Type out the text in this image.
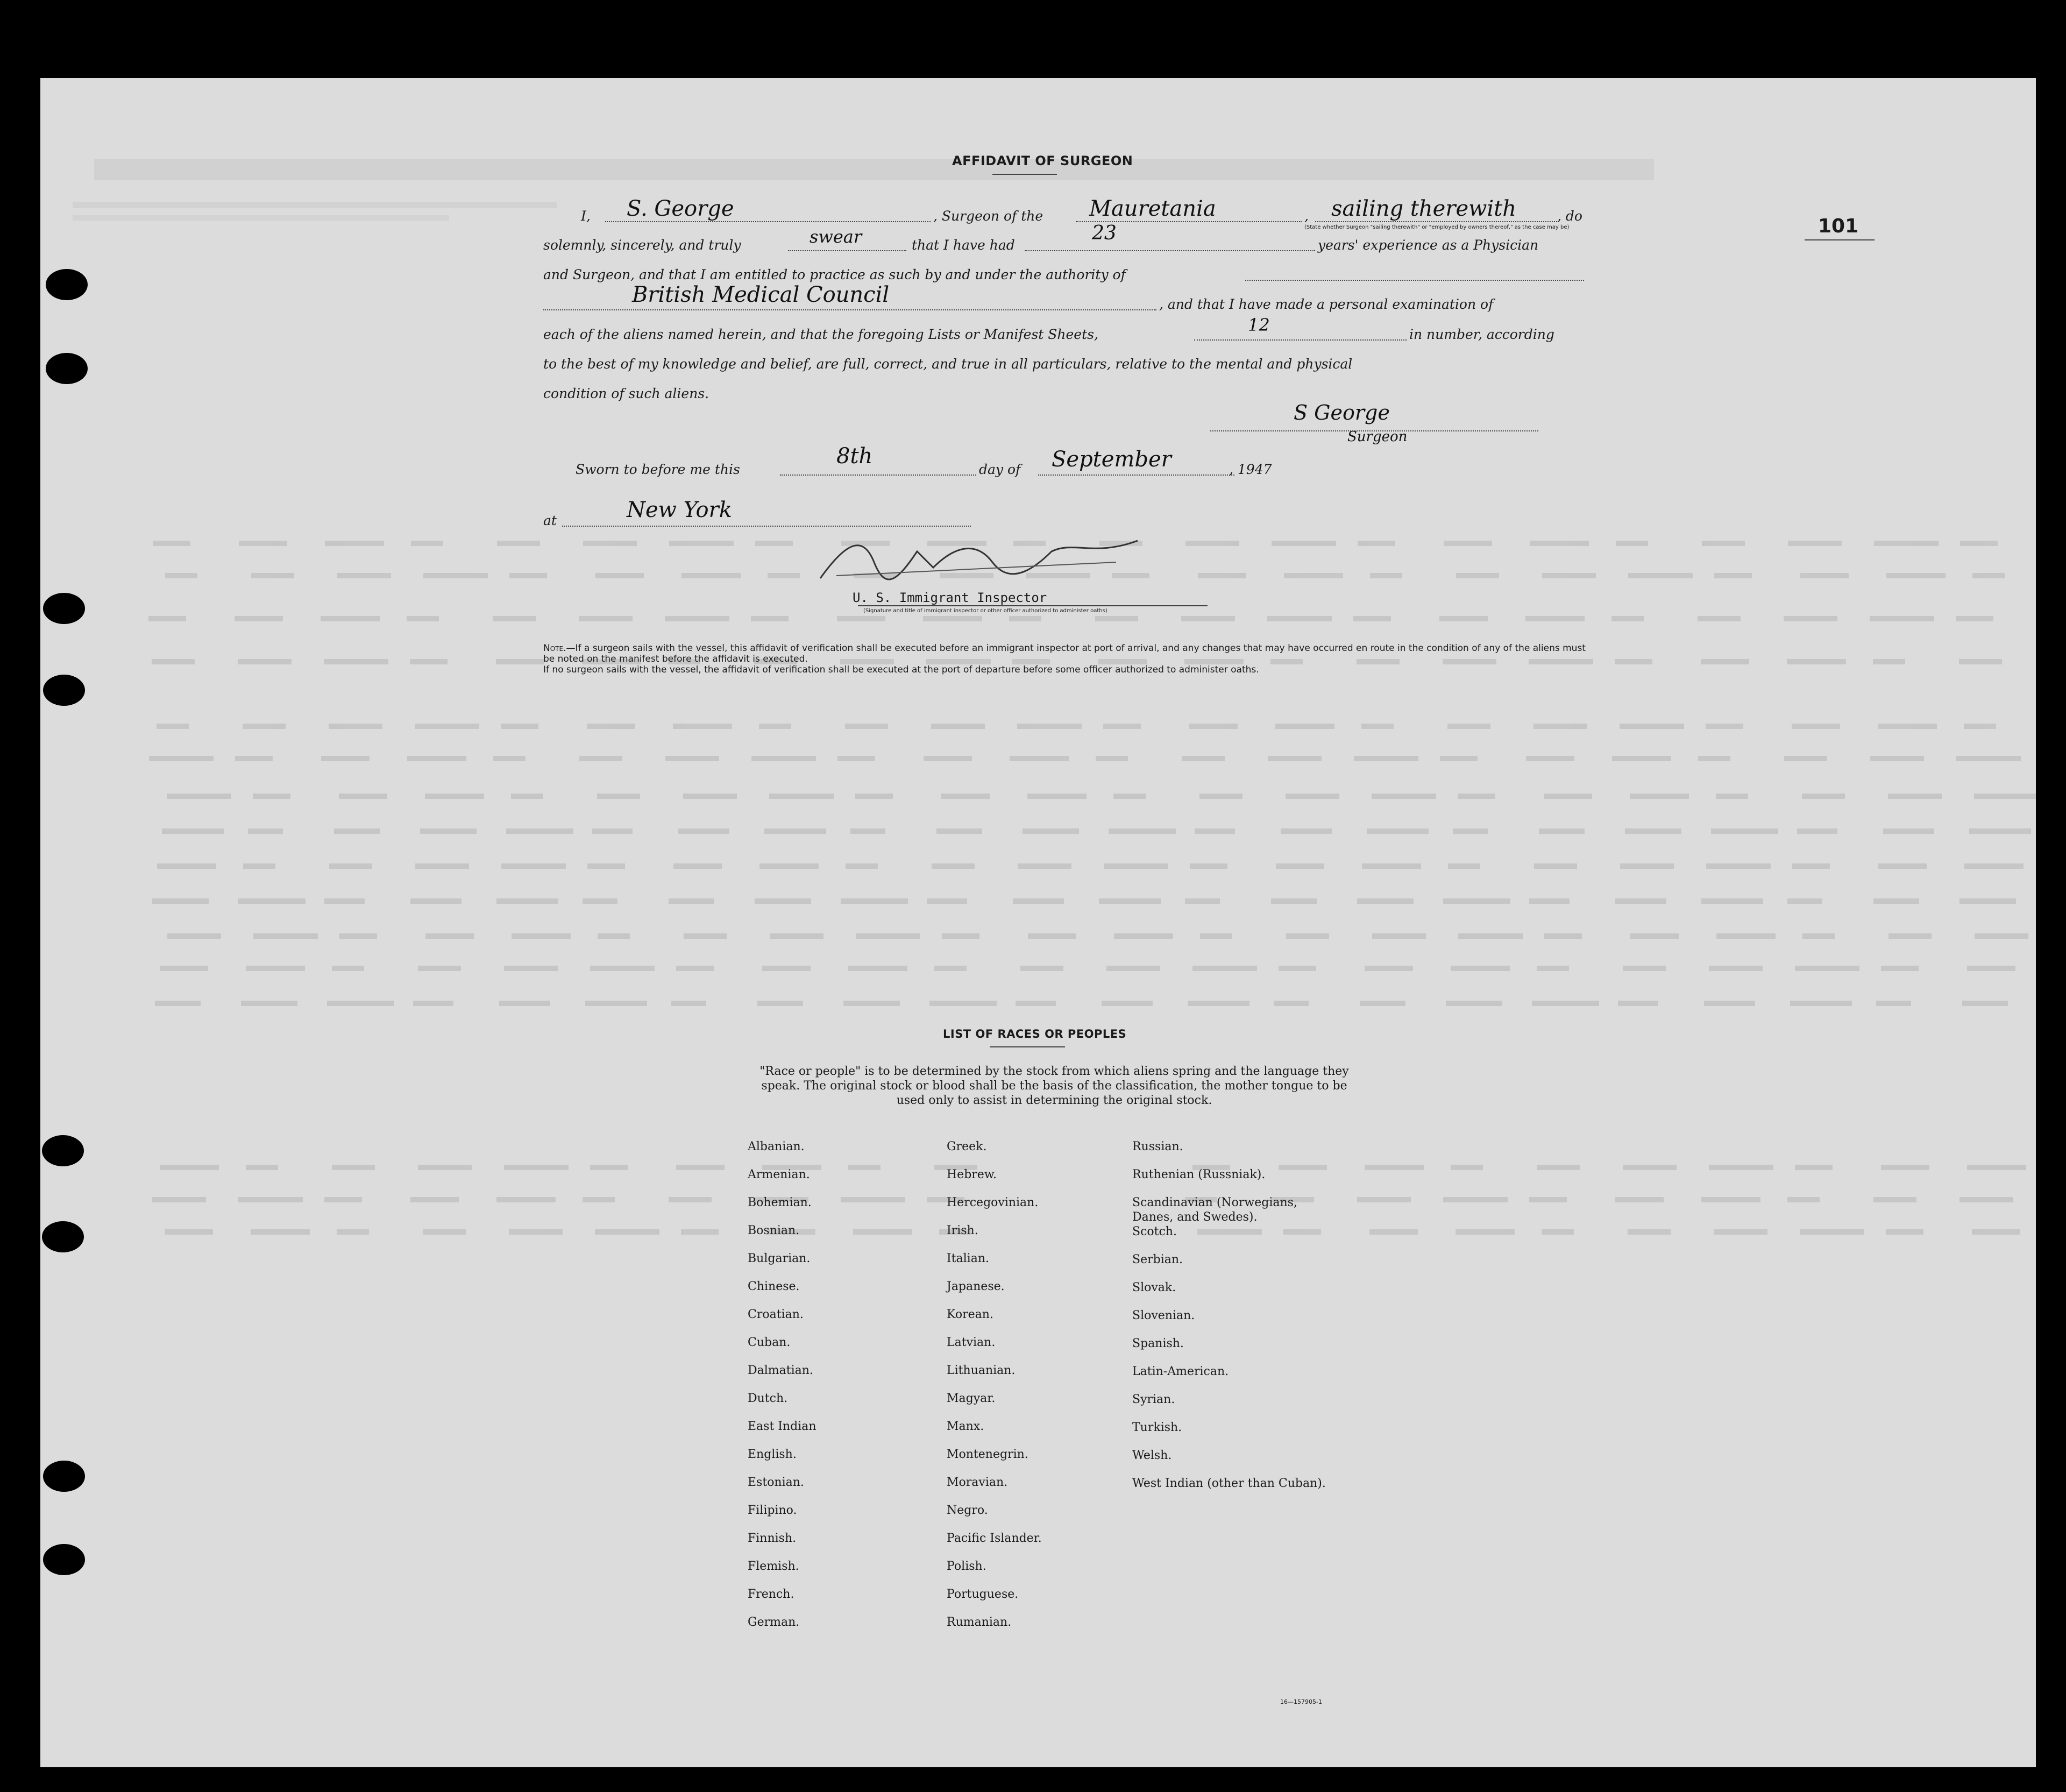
101
AFFIDAVIT OF SURGEON
I, S. George	, Surgeon of the Mauretania	, sailing therewith	, do
(State whether Surgeon "sailing therewith" or "employed by owners thereof," as the case may be)
solemnly, sincerely, and truly	swear	that I have had
23
years' experience as a Physician
and Surgeon, and that I am entitled to practice as such by and under the authority of
British Medical Council	, and that I have made a personal examination of
each of the aliens named herein, and that the foregoing Lists or Manifest Sheets,	12	in number, according
to the best of my knowledge and belief, are full, correct, and true in all particulars, relative to the mental and physical
condition of such aliens.
S George
Surgeon
Sworn to before me this
8th
day of September	, 1947
at	New York
U. S. Immigrant Inspector
(Signature and title of immigrant inspector or other officer authorized to administer oaths)
Note.—If a surgeon sails with the vessel, this affidavit of verification shall be executed before an immigrant inspector at port of arrival, and any changes that may have occurred en route in the condition of any of the aliens must be noted on the manifest before the affidavit is executed.
If no surgeon sails with the vessel, the affidavit of verification shall be executed at the port of departure before some officer authorized to administer oaths.
LIST OF RACES OR PEOPLES
"Race or people" is to be determined by the stock from which aliens spring and the language they speak. The original stock or blood shall be the basis of the classification, the mother tongue to be used only to assist in determining the original stock.
Albanian.
Armenian.
Bohemian.
Bosnian.
Bulgarian.
Chinese.
Croatian.
Cuban.
Dalmatian.
Dutch.
East Indian
English.
Estonian.
Filipino.
Finnish.
Flemish.
French.
German.
Greek.
Hebrew.
Hercegovinian.
Irish.
Italian.
Japanese.
Korean.
Latvian.
Lithuanian.
Magyar.
Manx.
Montenegrin.
Moravian.
Negro.
Pacific Islander.
Polish.
Portuguese.
Rumanian.
Russian.
Ruthenian (Russniak).
Scandinavian (Norwegians, Danes, and Swedes).
Scotch.
Serbian.
Slovak.
Slovenian.
Spanish.
Latin-American.
Syrian.
Turkish.
Welsh.
West Indian (other than Cuban).
16—157905-1
